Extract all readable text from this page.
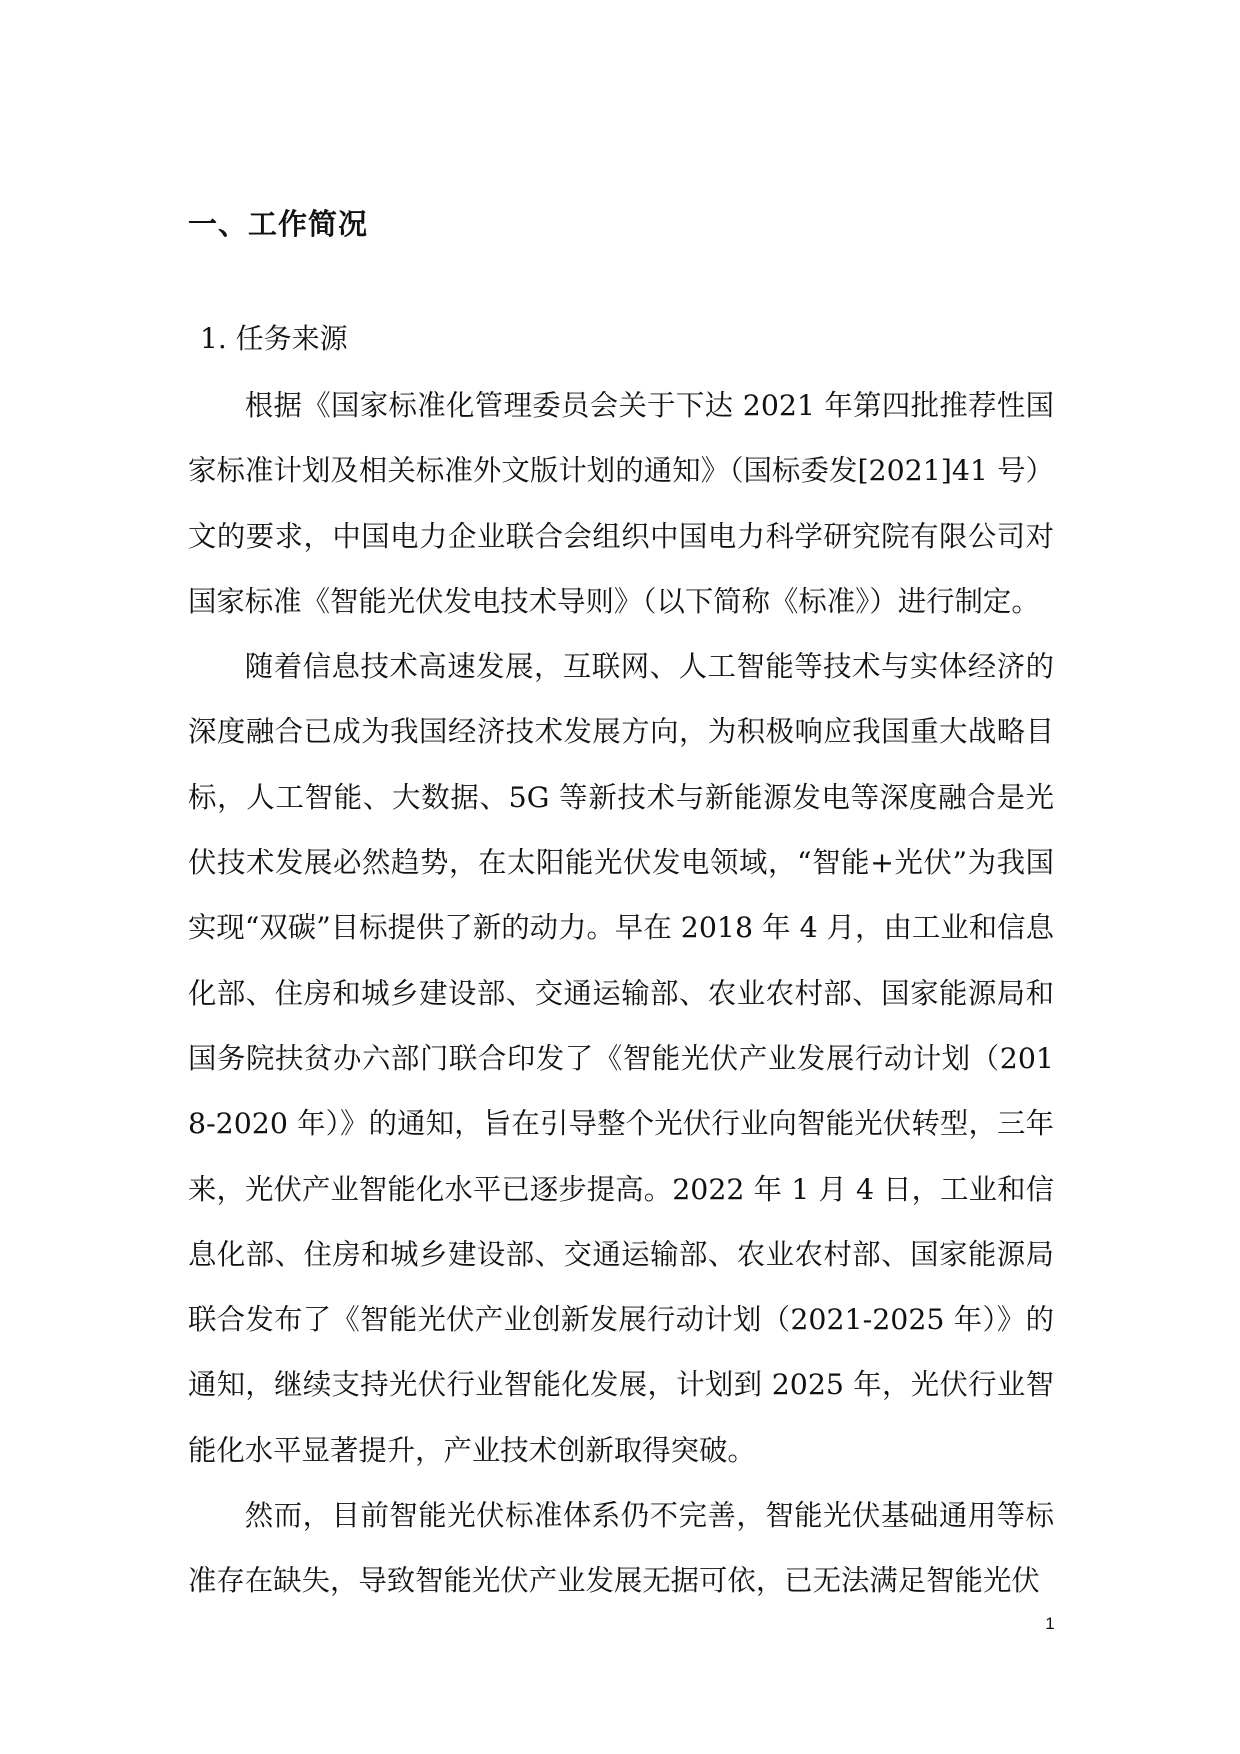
一、工作简况
1. 任务来源

根据《国家标准化管理委员会关于下达 2021 年第四批推荐性国家标准计划及相关标准外文版计划的通知》（国标委发[2021]41 号）文的要求，中国电力企业联合会组织中国电力科学研究院有限公司对国家标准《智能光伏发电技术导则》（以下简称《标准》）进行制定。

随着信息技术高速发展，互联网、人工智能等技术与实体经济的深度融合已成为我国经济技术发展方向，为积极响应我国重大战略目标，人工智能、大数据、5G 等新技术与新能源发电等深度融合是光伏技术发展必然趋势，在太阳能光伏发电领域，“智能+光伏”为我国实现“双碳”目标提供了新的动力。早在 2018 年 4 月，由工业和信息化部、住房和城乡建设部、交通运输部、农业农村部、国家能源局和国务院扶贫办六部门联合印发了《智能光伏产业发展行动计划（2018-2020 年）》的通知，旨在引导整个光伏行业向智能光伏转型，三年来，光伏产业智能化水平已逐步提高。2022 年 1 月 4 日，工业和信息化部、住房和城乡建设部、交通运输部、农业农村部、国家能源局联合发布了《智能光伏产业创新发展行动计划（2021-2025 年）》的通知，继续支持光伏行业智能化发展，计划到 2025 年，光伏行业智能化水平显著提升，产业技术创新取得突破。

然而，目前智能光伏标准体系仍不完善，智能光伏基础通用等标准存在缺失，导致智能光伏产业发展无据可依，已无法满足智能光伏

1
